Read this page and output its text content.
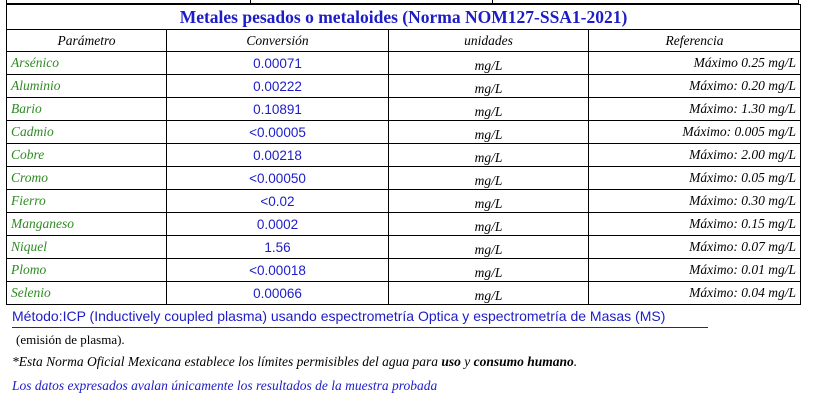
Metales pesados o metaloides (Norma NOM127-SSA1-2021)			
Parámetro	Conversión	unidades	Referencia
Arsénico	0.00071	mg/L	Máximo 0.25 mg/L
Aluminio	0.00222	mg/L	Máximo: 0.20 mg/L
Bario	0.10891	mg/L	Máximo: 1.30 mg/L
Cadmio	<0.00005	mg/L	Máximo: 0.005 mg/L
Cobre	0.00218	mg/L	Máximo: 2.00 mg/L
Cromo	<0.00050	mg/L	Máximo: 0.05 mg/L
Fierro	<0.02	mg/L	Máximo: 0.30 mg/L
Manganeso	0.0002	mg/L	Máximo: 0.15 mg/L
Niquel	1.56	mg/L	Máximo: 0.07 mg/L
Plomo	<0.00018	mg/L	Máximo: 0.01 mg/L
Selenio	0.00066	mg/L	Máximo: 0.04 mg/L
Método:ICP (Inductively coupled plasma) usando espectrometría Optica y espectrometría de Masas (MS)
(emisión de plasma).
*Esta Norma Oficial Mexicana establece los límites permisibles del agua para uso y consumo humano.
Los datos expresados avalan únicamente los resultados de la muestra probada
